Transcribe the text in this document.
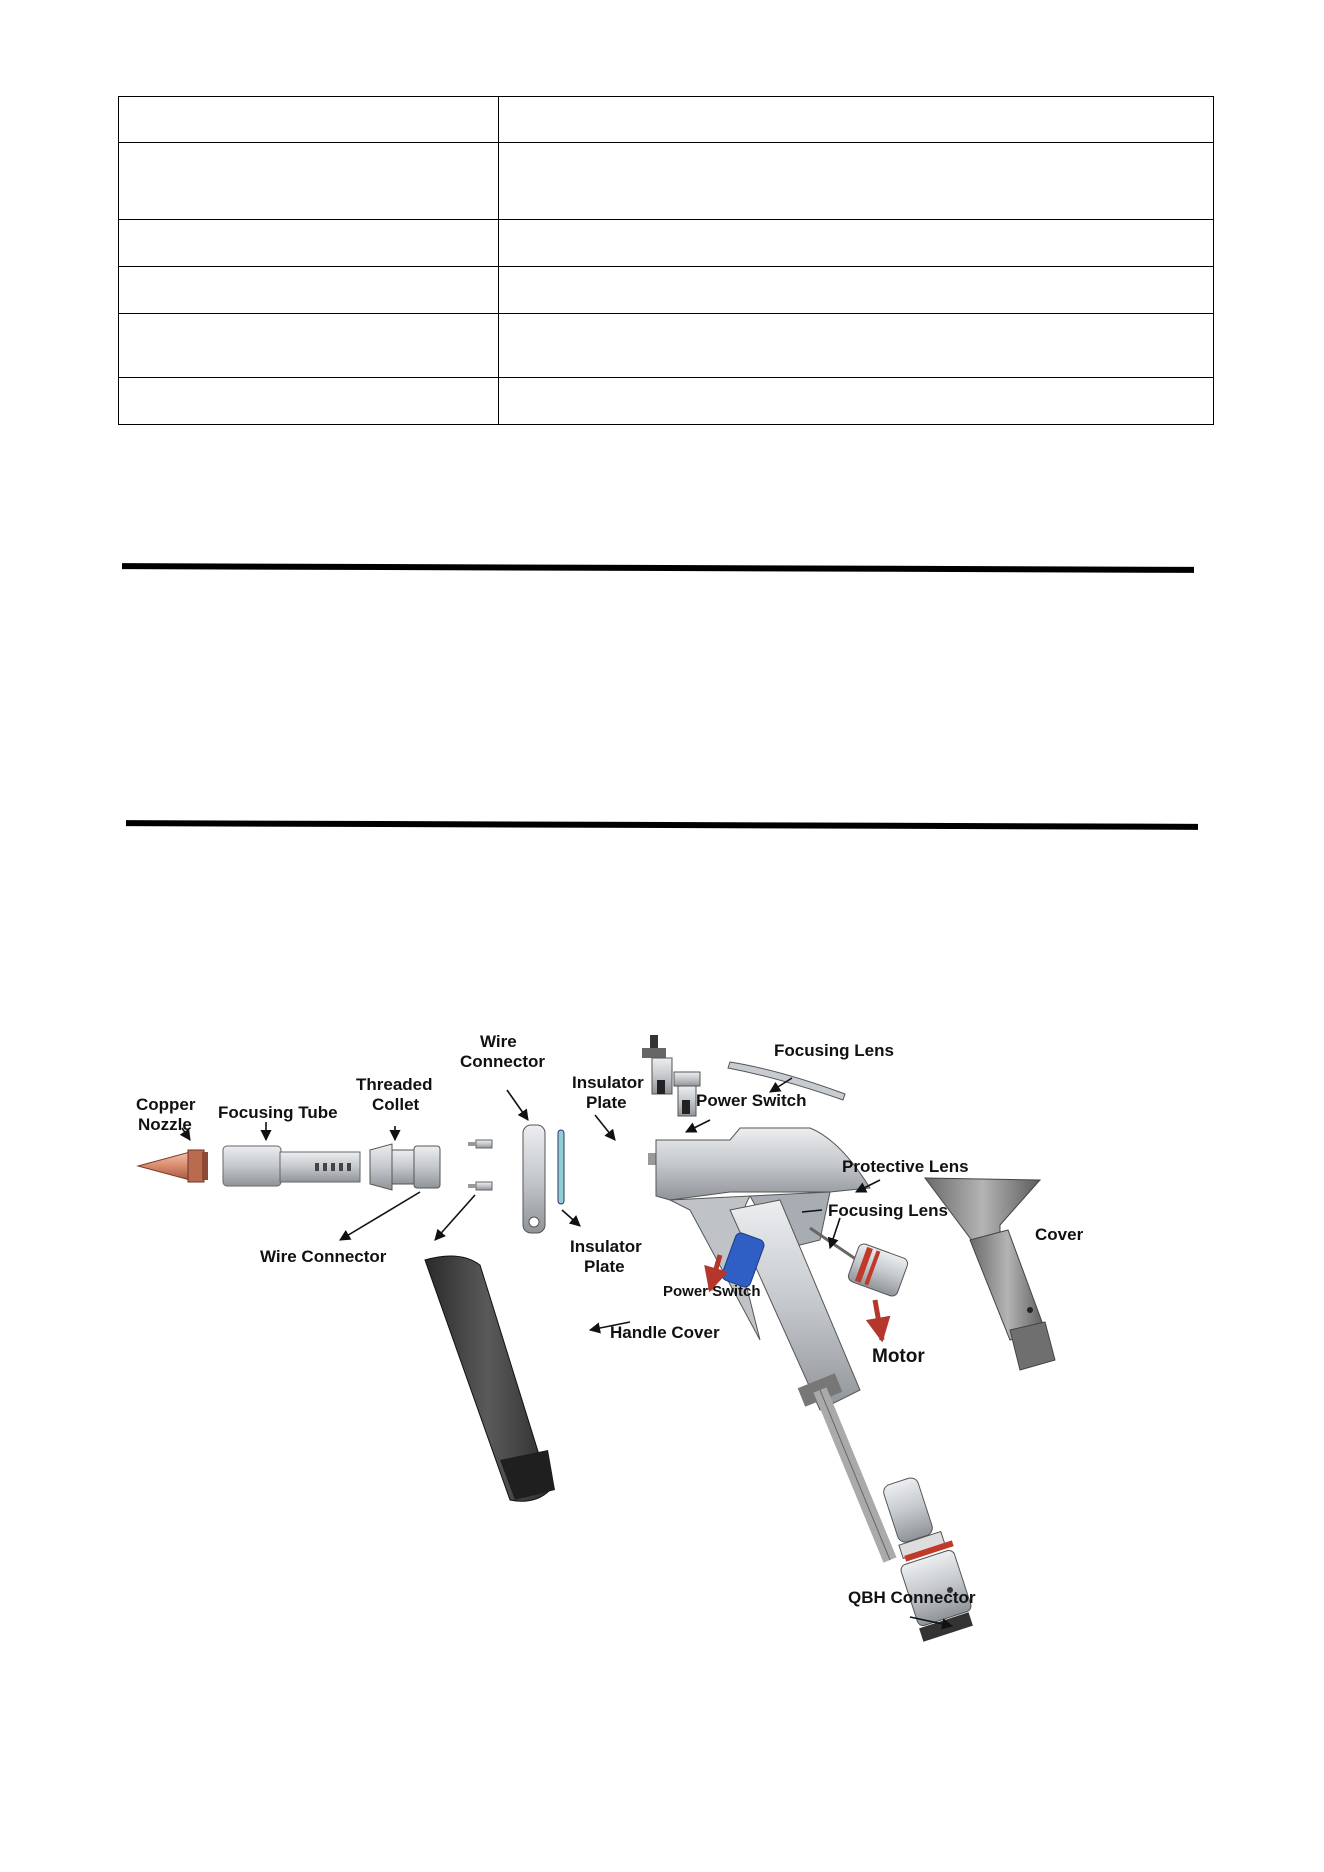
Copper
Nozzle
Focusing Tube
Threaded
Collet
Wire
Connector
Wire Connector
Insulator
Plate
Insulator
Plate
Focusing Lens
Power Switch
Protective Lens
Focusing Lens
Cover
Power Switch
Motor
Handle Cover
QBH Connector
